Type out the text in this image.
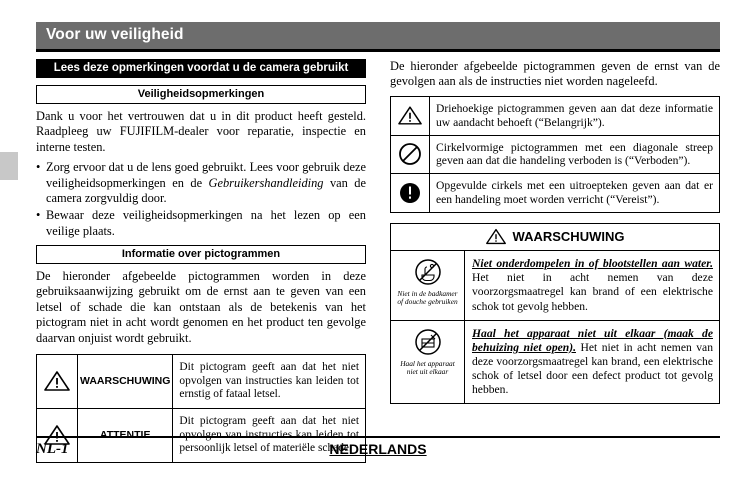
Voor uw veiligheid
Lees deze opmerkingen voordat u de camera gebruikt
Veiligheidsopmerkingen

Dank u voor het vertrouwen dat u in dit product heeft gesteld. Raadpleeg uw FUJIFILM-dealer voor reparatie, inspectie en interne testen.

• Zorg ervoor dat u de lens goed gebruikt. Lees voor gebruik deze veiligheidsopmerkingen en de Gebruikershandleiding van de camera zorgvuldig door.
• Bewaar deze veiligheidsopmerkingen na het lezen op een veilige plaats.
Informatie over pictogrammen

De hieronder afgebeelde pictogrammen worden in deze gebruiksaanwijzing gebruikt om de ernst aan te geven van een letsel of schade die kan ontstaan als de betekenis van het pictogram niet in acht wordt genomen en het product ten gevolge daarvan onjuist wordt gebruikt.

	WAARSCHUWING	Dit pictogram geeft aan dat het niet opvolgen van instructies kan leiden tot ernstig of fataal letsel.

	ATTENTIE	Dit pictogram geeft aan dat het niet opvolgen van instructies kan leiden tot persoonlijk letsel of materiële schade.

De hieronder afgebeelde pictogrammen geven de ernst van de gevolgen aan als de instructies niet worden nageleefd.

	Driehoekige pictogrammen geven aan dat deze informatie uw aandacht behoeft (“Belangrijk”).

	Cirkelvormige pictogrammen met een diagonale streep geven aan dat die handeling verboden is (“Verboden”).

	Opgevulde cirkels met een uitroepteken geven aan dat er een handeling moet worden verricht (“Vereist”).
WAARSCHUWING
Niet in de badkamer of douche gebruiken
Niet onderdompelen in of blootstellen aan water. Het niet in acht nemen van deze voorzorgsmaatregel kan brand of een elektrische schok tot gevolg hebben.
Haal het apparaat niet uit elkaar
Haal het apparaat niet uit elkaar (maak de behuizing niet open). Het niet in acht nemen van deze voorzorgsmaatregel kan brand, een elektrische schok of letsel door een defect product tot gevolg hebben.
NL-1	NEDERLANDS
